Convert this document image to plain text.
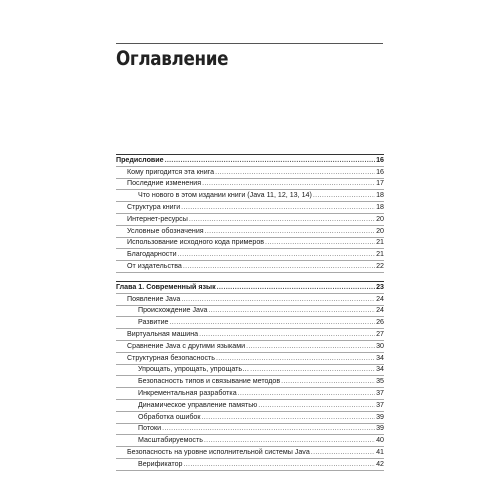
Оглавление
Предисловие .....	16
Кому пригодится эта книга .....	16
Последние изменения .....	17
Что нового в этом издании книги (Java 11, 12, 13, 14) .....	18
Структура книги .....	18
Интернет-ресурсы .....	20
Условные обозначения .....	20
Использование исходного кода примеров .....	21
Благодарности .....	21
От издательства .....	22
Глава 1. Современный язык .....	23
Появление Java .....	24
Происхождение Java .....	24
Развитие .....	26
Виртуальная машина .....	27
Сравнение Java с другими языками .....	30
Структурная безопасность .....	34
Упрощать, упрощать, упрощать… .....	34
Безопасность типов и связывание методов .....	35
Инкрементальная разработка .....	37
Динамическое управление памятью .....	37
Обработка ошибок .....	39
Потоки .....	39
Масштабируемость .....	40
Безопасность на уровне исполнительной системы Java .....	41
Верификатор .....	42
